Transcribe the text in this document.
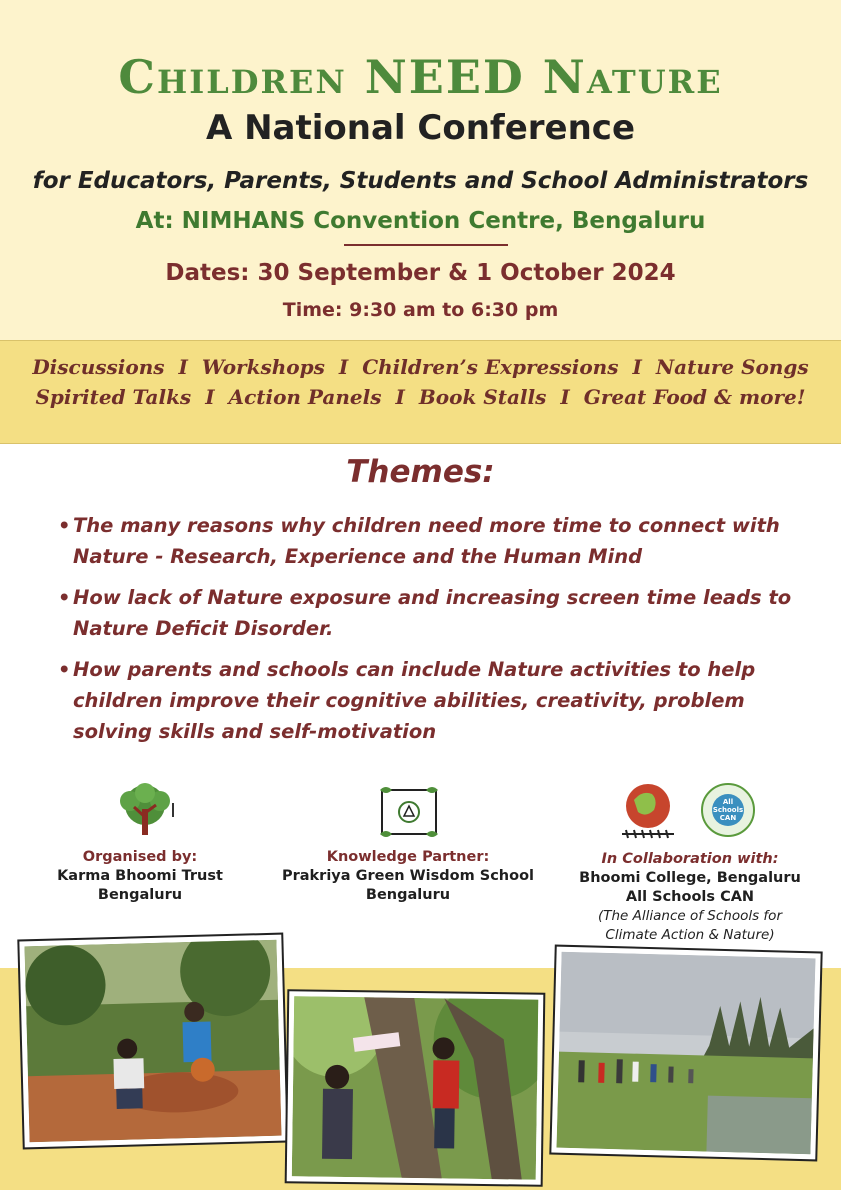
Children NEED Nature
A National Conference
for Educators, Parents, Students and School Administrators
At: NIMHANS Convention Centre, Bengaluru
Dates: 30 September & 1 October 2024
Time: 9:30 am to 6:30 pm
Discussions I Workshops I Children’s Expressions I Nature Songs
Spirited Talks I Action Panels I Book Stalls I Great Food & more!
Themes:
• The many reasons why children need more time to connect with Nature - Research, Experience and the Human Mind
• How lack of Nature exposure and increasing screen time leads to Nature Deficit Disorder.
• How parents and schools can include Nature activities to help children improve their cognitive abilities, creativity, problem solving skills and self-motivation
Organised by:
Karma Bhoomi Trust
Bengaluru
Knowledge Partner:
Prakriya Green Wisdom School
Bengaluru
All
Schools
CAN
In Collaboration with:
Bhoomi College, Bengaluru
All Schools CAN
(The Alliance of Schools for
Climate Action & Nature)
